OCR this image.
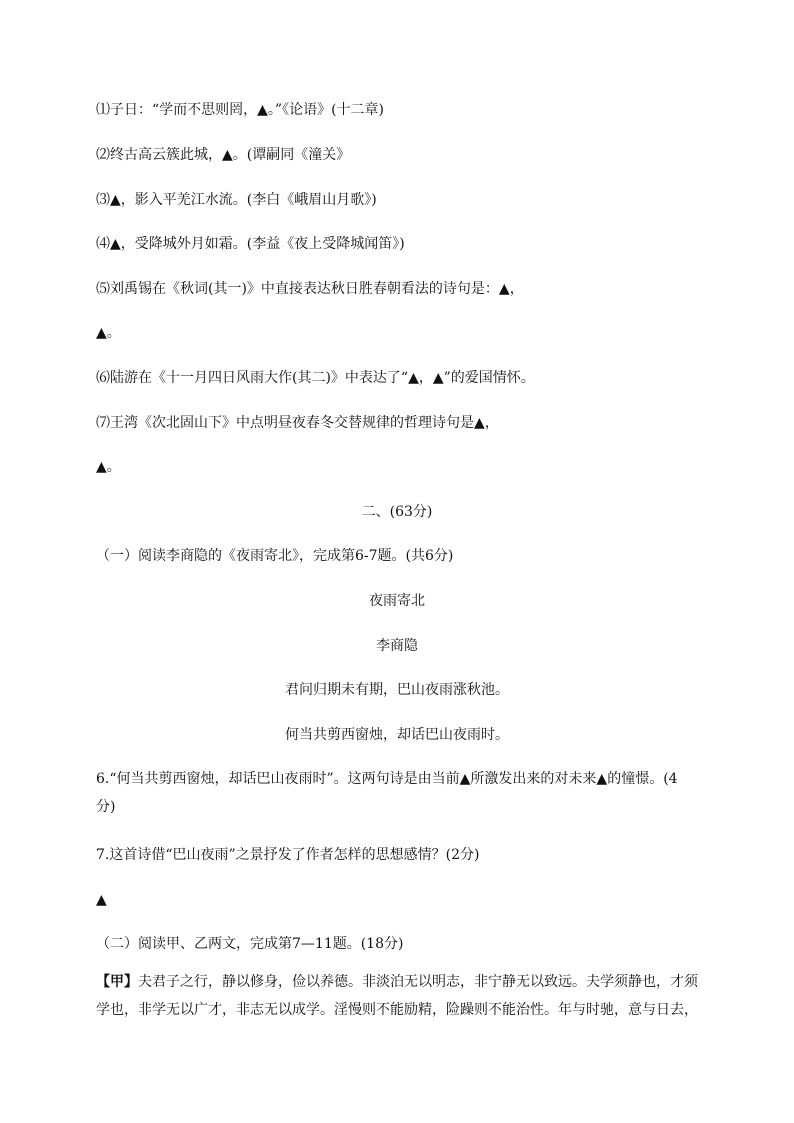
⑴子日：“学而不思则罔，▲。”《论语》(十二章)
⑵终古高云簇此城，▲。(谭嗣同《潼关》
⑶▲，影入平羌江水流。(李白《峨眉山月歌》)
⑷▲，受降城外月如霜。(李益《夜上受降城闻笛》)
⑸刘禹锡在《秋词(其一)》中直接表达秋日胜春朝看法的诗句是：▲，
▲。
⑹陆游在《十一月四日风雨大作(其二)》中表达了“▲，▲”的爱国情怀。
⑺王湾《次北固山下》中点明昼夜春冬交替规律的哲理诗句是▲，
▲。
二、(63分)
（一）阅读李商隐的《夜雨寄北》，完成第6-7题。(共6分)
夜雨寄北
李商隐
君问归期未有期，巴山夜雨涨秋池。
何当共剪西窗烛，却话巴山夜雨时。
6.“何当共剪西窗烛，却话巴山夜雨时”。这两句诗是由当前▲所激发出来的对未来▲的憧憬。(4
分)
7.这首诗借“巴山夜雨”之景抒发了作者怎样的思想感情？(2分)
▲
（二）阅读甲、乙两文，完成第7—11题。(18分)
【甲】夫君子之行，静以修身，俭以养德。非淡泊无以明志，非宁静无以致远。夫学须静也，才须
学也，非学无以广才，非志无以成学。淫慢则不能励精，险躁则不能治性。年与时驰，意与日去，
